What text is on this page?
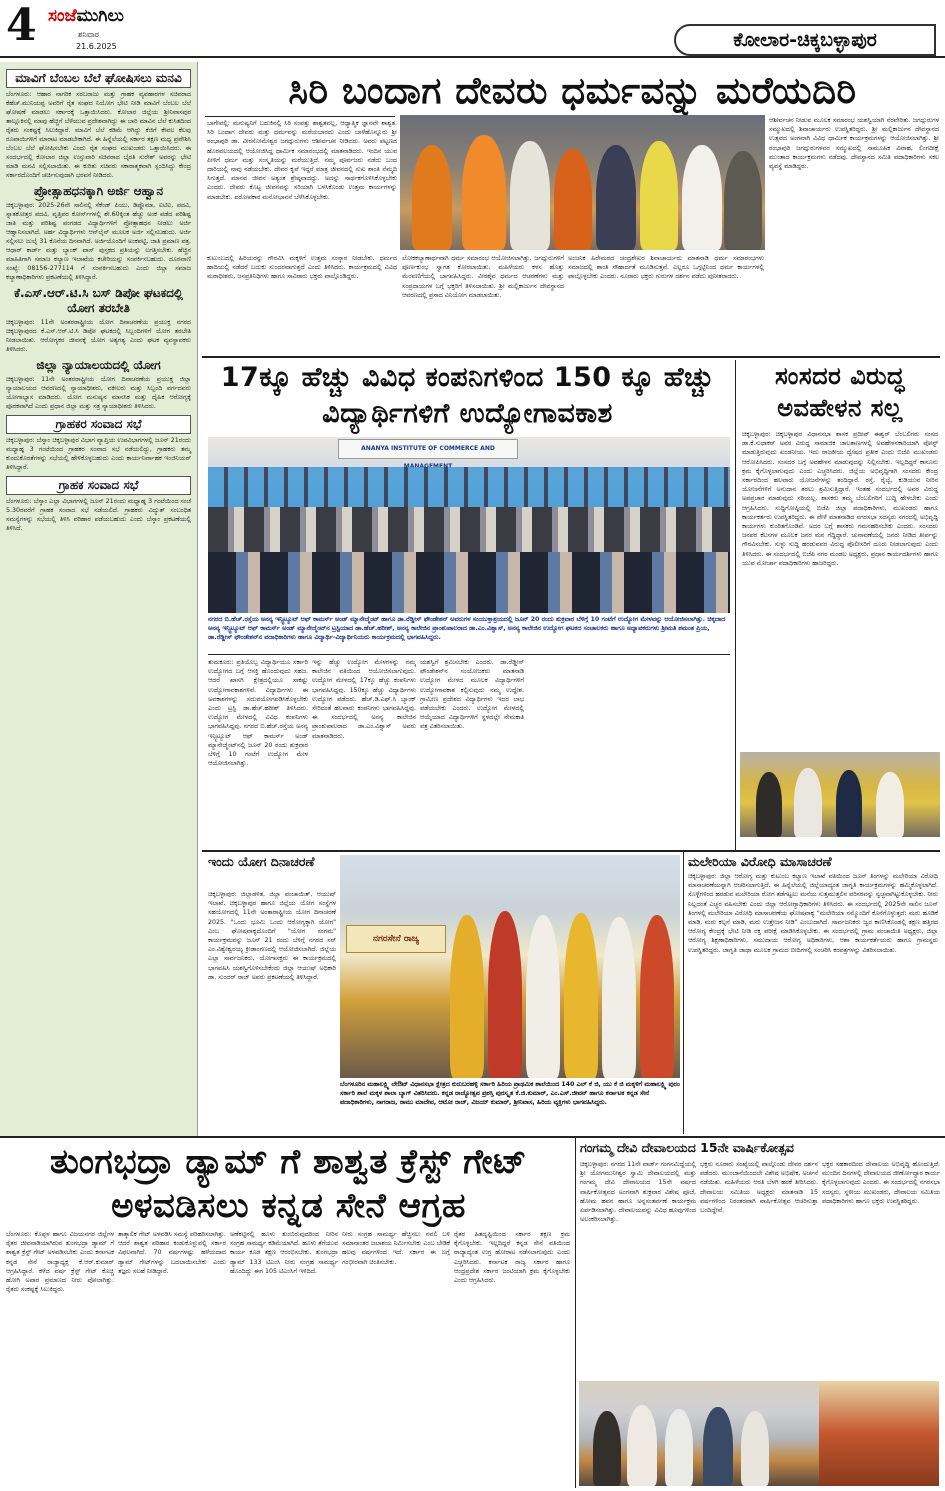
4 ಸಂಜೆಮುಗಿಲು
ಶನಿವಾರ
21.6.2025	ಕೋಲಾರ-ಚಿಕ್ಕಬಳ್ಳಾಪುರ
ಮಾವಿಗೆ ಬೆಂಬಲ ಬೆಲೆ ಘೋಷಿಸಲು ಮನವಿ
ಬೆಂಗಳೂರು: ಆಹಾರ ನಾಗರಿಕ ಸರಬರಾಜು ಮತ್ತು ಗ್ರಾಹಕ ವ್ಯವಹಾರಗಳ ಸಚಿವರಾದ ಕೆಹೆಚ್.ಮುನಿಯಪ್ಪ ಅವರಿಗೆ ರೈತ ಸಂಘದ ನಿಯೋಗ ಭೇಟಿ ನೀಡಿ ಮಾವಿಗೆ ಬೆಂಬಲ ಬೆಲೆ ಘೋಷಣೆ ಮಾಡಲು ಸರ್ಕಾರಕ್ಕೆ ಒತ್ತಾಯಿಸಿದರು. ಕೋಲಾರ ಜಿಲ್ಲೆಯ ಶ್ರೀನಿವಾಸಪುರ ತಾಲ್ಲೂಕಿನಲ್ಲಿ ಮಾವು ಹೆಚ್ಚಿಗೆ ಬೆಳೆಯುವ ಪ್ರದೇಶವಾಗಿದ್ದು ಈ ಬಾರಿ ಮಾವಿನ ಬೆಲೆ ಕುಸಿತದಿಂದ ರೈತರು ಸಂಕಷ್ಟಕ್ಕೆ ಸಿಲುಕಿದ್ದಾರೆ. ಮಾವಿಗೆ ಬೆಲೆ ಕಡಿಮೆ ಆಗಿದ್ದು ಕೆಜಿಗೆ ಕೇವಲ ಕೆಲವು ರೂಪಾಯಿಗಳಿಗೆ ಮಾರಾಟ ಮಾಡಬೇಕಾಗಿದೆ. ಈ ಹಿನ್ನೆಲೆಯಲ್ಲಿ ಸರ್ಕಾರ ತಕ್ಷಣ ಮಧ್ಯ ಪ್ರವೇಶಿಸಿ ಬೆಂಬಲ ಬೆಲೆ ಘೋಷಿಸಬೇಕು ಎಂದು ರೈತ ಸಂಘದ ಮುಖಂಡರು ಒತ್ತಾಯಿಸಿದರು. ಈ ಸಂದರ್ಭದಲ್ಲಿ ಕೋಲಾರ ಜಿಲ್ಲಾ ಉಸ್ತುವಾರಿ ಸಚಿವರಾದ ಬೈರತಿ ಸುರೇಶ್ ಅವರನ್ನು ಭೇಟಿ ಮಾಡಿ ಮನವಿ ಸಲ್ಲಿಸಲಾಯಿತು. ಈ ಕುರಿತು ಸಚಿವರು ಸಕಾರಾತ್ಮಕವಾಗಿ ಸ್ಪಂದಿಸಿದ್ದು ಕೇಂದ್ರ ಸರ್ಕಾರದೊಂದಿಗೆ ಚರ್ಚಿಸುವುದಾಗಿ ಭರವಸೆ ನೀಡಿದರು.
ಪ್ರೋತ್ಸಾಹಧನಕ್ಕಾಗಿ ಅರ್ಜಿ ಆಹ್ವಾನ
ಚಿಕ್ಕಬಳ್ಳಾಪುರ: 2025-26ನೇ ಸಾಲಿನಲ್ಲಿ ಸೆಕೆಂಡ್ ಪಿಯು, ಡಿಪ್ಲೊಮಾ, ಐಟಿಐ, ಪದವಿ, ಸ್ನಾತಕೋತ್ತರ ಪದವಿ, ವೃತ್ತಿಪರ ಕೋರ್ಸ್‌ಗಳಲ್ಲಿ ಶೇ.60ಕ್ಕಿಂತ ಹೆಚ್ಚು ಅಂಕ ಪಡೆದ ಪರಿಶಿಷ್ಟ ಜಾತಿ ಮತ್ತು ಪರಿಶಿಷ್ಟ ಪಂಗಡದ ವಿದ್ಯಾರ್ಥಿಗಳಿಗೆ ಪ್ರೋತ್ಸಾಹಧನ ನೀಡಲು ಅರ್ಜಿ ಆಹ್ವಾನಿಸಲಾಗಿದೆ. ಅರ್ಹ ವಿದ್ಯಾರ್ಥಿಗಳು ಆನ್‌ಲೈನ್ ಮೂಲಕ ಅರ್ಜಿ ಸಲ್ಲಿಸಬಹುದು. ಅರ್ಜಿ ಸಲ್ಲಿಸಲು ಜುಲೈ 31 ಕೊನೆಯ ದಿನವಾಗಿದೆ. ಅರ್ಜಿಯೊಂದಿಗೆ ಅಂಕಪಟ್ಟಿ, ಜಾತಿ ಪ್ರಮಾಣ ಪತ್ರ, ಆಧಾರ್ ಕಾರ್ಡ್ ಮತ್ತು ಬ್ಯಾಂಕ್ ಪಾಸ್ ಪುಸ್ತಕದ ಪ್ರತಿಯನ್ನು ಲಗತ್ತಿಸಬೇಕು. ಹೆಚ್ಚಿನ ಮಾಹಿತಿಗಾಗಿ ಸಮಾಜ ಕಲ್ಯಾಣ ಇಲಾಖೆಯ ಕಚೇರಿಯನ್ನು ಸಂಪರ್ಕಿಸಬಹುದು. ದೂರವಾಣಿ ಸಂಖ್ಯೆ: 08156-277114 ಗೆ ಸಂಪರ್ಕಿಸಬಹುದು ಎಂದು ಜಿಲ್ಲಾ ಸಮಾಜ ಕಲ್ಯಾಣಾಧಿಕಾರಿಗಳು ಪ್ರಕಟಣೆಯಲ್ಲಿ ತಿಳಿಸಿದ್ದಾರೆ.
ಕೆ.ಎಸ್.ಆರ್.ಟಿ.ಸಿ ಬಸ್ ಡಿಪೋ ಘಟಕದಲ್ಲಿ ಯೋಗ ತರಬೇತಿ
ಚಿಕ್ಕಬಳ್ಳಾಪುರ: 11ನೇ ಅಂತರರಾಷ್ಟ್ರೀಯ ಯೋಗ ದಿನಾಚರಣೆಯ ಪ್ರಯುಕ್ತ ನಗರದ ಚಿಕ್ಕಬಳ್ಳಾಪುರದ ಕೆ.ಎಸ್.ಆರ್.ಟಿ.ಸಿ ಡಿಪೋ ಘಟಕದಲ್ಲಿ ಸಿಬ್ಬಂದಿಗಳಿಗೆ ಯೋಗ ತರಬೇತಿ ನೀಡಲಾಯಿತು. ಆರೋಗ್ಯಕರ ಜೀವನಕ್ಕೆ ಯೋಗ ಅತ್ಯಗತ್ಯ ಎಂದು ಘಟಕ ವ್ಯವಸ್ಥಾಪಕರು ತಿಳಿಸಿದರು.
ಜಿಲ್ಲಾ ನ್ಯಾಯಾಲಯದಲ್ಲಿ ಯೋಗ
ಚಿಕ್ಕಬಳ್ಳಾಪುರ: 11ನೇ ಅಂತರರಾಷ್ಟ್ರೀಯ ಯೋಗ ದಿನಾಚರಣೆಯ ಪ್ರಯುಕ್ತ ಜಿಲ್ಲಾ ನ್ಯಾಯಾಲಯದ ಆವರಣದಲ್ಲಿ ನ್ಯಾಯಾಧೀಶರು, ವಕೀಲರು ಮತ್ತು ಸಿಬ್ಬಂದಿ ವರ್ಗದವರು ಯೋಗಾಭ್ಯಾಸ ಮಾಡಿದರು. ಯೋಗ ಮನುಷ್ಯನ ಮಾನಸಿಕ ಮತ್ತು ದೈಹಿಕ ಆರೋಗ್ಯಕ್ಕೆ ಪೂರಕವಾಗಿದೆ ಎಂದು ಪ್ರಧಾನ ಜಿಲ್ಲಾ ಮತ್ತು ಸತ್ರ ನ್ಯಾಯಾಧೀಶರು ತಿಳಿಸಿದರು.
ಗ್ರಾಹಕರ ಸಂವಾದ ಸಭೆ
ಚಿಕ್ಕಬಳ್ಳಾಪುರ: ಬೆಸ್ಕಾಂ ಚಿಕ್ಕಬಳ್ಳಾಪುರ ವಿಭಾಗ ವ್ಯಾಪ್ತಿಯ ಉಪವಿಭಾಗಗಳಲ್ಲಿ ಜೂನ್ 21ರಂದು ಮಧ್ಯಾಹ್ನ 3 ಗಂಟೆಯಿಂದ ಗ್ರಾಹಕರ ಸಂವಾದ ಸಭೆ ನಡೆಯಲಿದ್ದು, ಗ್ರಾಹಕರು ತಮ್ಮ ಕುಂದುಕೊರತೆಗಳನ್ನು ಸಭೆಯಲ್ಲಿ ಹೇಳಿಕೊಳ್ಳಬಹುದು ಎಂದು ಕಾರ್ಯನಿರ್ವಾಹಕ ಇಂಜಿನಿಯರ್ ತಿಳಿಸಿದ್ದಾರೆ.
ಗ್ರಾಹಕ ಸಂವಾದ ಸಭೆ
ಬೆಂಗಳೂರು: ಬೆಸ್ಕಾಂ ಎಲ್ಲಾ ವಿಭಾಗಗಳಲ್ಲಿ ಜೂನ್ 21ರಂದು ಮಧ್ಯಾಹ್ನ 3 ಗಂಟೆಯಿಂದ ಸಂಜೆ 5.30ರವರೆಗೆ ಗ್ರಾಹಕ ಸಂವಾದ ಸಭೆ ನಡೆಯಲಿದೆ. ಗ್ರಾಹಕರು ವಿದ್ಯುತ್ ಸಂಬಂಧಿತ ಸಮಸ್ಯೆಗಳನ್ನು ಸಭೆಯಲ್ಲಿ ತಿಳಿಸಿ ಪರಿಹಾರ ಪಡೆಯಬಹುದು ಎಂದು ಬೆಸ್ಕಾಂ ಪ್ರಕಟಣೆಯಲ್ಲಿ ತಿಳಿಸಿದೆ.
ಸಿರಿ ಬಂದಾಗ ದೇವರು ಧರ್ಮವನ್ನು ಮರೆಯದಿರಿ
ಬಾಗೇಪಲ್ಲಿ: ಮನುಷ್ಯನಿಗೆ ಬದುಕಿನಲ್ಲಿ ಸಿರಿ ಸಂಪತ್ತು ಶಾಶ್ವತವಲ್ಲ, ಆಧ್ಯಾತ್ಮಿಕ ಜ್ಞಾನವೇ ಶಾಶ್ವತ. ಸಿರಿ ಬಂದಾಗ ದೇವರು ಮತ್ತು ಧರ್ಮವನ್ನು ಮರೆಯಬಾರದು ಎಂದು ಬಾಳೆಹೊನ್ನೂರು ಶ್ರೀ ರಂಭಾಪುರಿ ಡಾ. ವೀರಸೋಮೇಶ್ವರ ಜಗದ್ಗುರುಗಳು ಆಶೀರ್ವಚನ ನೀಡಿದರು. ಅವರು ಪಟ್ಟಣದ ಹೊರವಲಯದಲ್ಲಿ ಆಯೋಜಿಸಿದ್ದ ಧಾರ್ಮಿಕ ಸಮಾರಂಭದಲ್ಲಿ ಮಾತನಾಡಿದರು. ಇಂದಿನ ಯುವ ಪೀಳಿಗೆ ಧರ್ಮ ಮತ್ತು ಸಂಸ್ಕೃತಿಯನ್ನು ಮರೆಯುತ್ತಿದೆ. ನಮ್ಮ ಪೂರ್ವಜರು ನಡೆದು ಬಂದ ದಾರಿಯಲ್ಲಿ ನಾವು ನಡೆಯಬೇಕು. ದೇವರ ಕೃಪೆ ಇದ್ದರೆ ಮಾತ್ರ ಜೀವನದಲ್ಲಿ ಸುಖ ಶಾಂತಿ ನೆಮ್ಮದಿ ಸಿಗುತ್ತದೆ. ಮಾನವ ಜೀವನ ಅತ್ಯಂತ ಶ್ರೇಷ್ಠವಾದದ್ದು. ಅದನ್ನು ಸಾರ್ಥಕಗೊಳಿಸಿಕೊಳ್ಳಬೇಕು ಎಂದರು. ದೇವರು ಕೊಟ್ಟ ಜೀವನವನ್ನು ಸರಿಯಾಗಿ ಬಳಸಿಕೊಂಡು ಉತ್ತಮ ಕಾರ್ಯಗಳನ್ನು ಮಾಡಬೇಕು. ಪರೋಪಕಾರ ಮನೋಭಾವನೆ ಬೆಳೆಸಿಕೊಳ್ಳಬೇಕು.
ಆಶೀರ್ವಚನ ನೀಡುವ ಮೂಲಕ ಸಮಾರಂಭ ಯಶಸ್ವಿಯಾಗಿ ನೆರವೇರಿತು. ಜಗದ್ಗುರುಗಳ ಸಮ್ಮುಖದಲ್ಲಿ ಶಿವಾಚಾರ್ಯರು ಉಪಸ್ಥಿತರಿದ್ದರು. ಶ್ರೀ ಮಲ್ಲಿಕಾರ್ಜುನ ದೇವಸ್ಥಾನದ ಉತ್ಸವದ ಅಂಗವಾಗಿ ವಿವಿಧ ಧಾರ್ಮಿಕ ಕಾರ್ಯಕ್ರಮಗಳನ್ನು ಆಯೋಜಿಸಲಾಗಿತ್ತು. ಶ್ರೀ ರಂಭಾಪುರಿ ಜಗದ್ಗುರುಗಳವರ ಸಮ್ಮುಖದಲ್ಲಿ ಸಾಮೂಹಿಕ ವಿವಾಹ, ಲಿಂಗದೀಕ್ಷೆ ಮುಂತಾದ ಕಾರ್ಯಕ್ರಮಗಳು ನಡೆದವು. ದೇವಸ್ಥಾನದ ಸಮಿತಿ ಪದಾಧಿಕಾರಿಗಳು ಸಕಲ ವ್ಯವಸ್ಥೆ ಮಾಡಿದ್ದರು.
ಕುಟುಂಬದಲ್ಲಿ ಹಿರಿಯರನ್ನು ಗೌರವಿಸಿ ಮಕ್ಕಳಿಗೆ ಉತ್ತಮ ಸಂಸ್ಕಾರ ನೀಡಬೇಕು. ಧರ್ಮದ ಹಾದಿಯಲ್ಲಿ ನಡೆದರೆ ಬದುಕು ಸುಂದರವಾಗುತ್ತದೆ ಎಂದು ತಿಳಿಸಿದರು. ಕಾರ್ಯಕ್ರಮದಲ್ಲಿ ವಿವಿಧ ಮಠಾಧೀಶರು, ಜನಪ್ರತಿನಿಧಿಗಳು ಹಾಗೂ ಸಾವಿರಾರು ಭಕ್ತರು ಪಾಲ್ಗೊಂಡಿದ್ದರು.
ಲೋಕಕಲ್ಯಾಣಾರ್ಥವಾಗಿ ಧರ್ಮ ಸಮಾರಂಭ ಆಯೋಜಿಸಲಾಗಿತ್ತು. ಜಗದ್ಗುರುಗಳಿಗೆ ಪೂರ್ಣಕುಂಭ ಸ್ವಾಗತ ಕೋರಲಾಯಿತು. ಮಹಿಳೆಯರು ಕಳಸ ಹೊತ್ತು ಮೆರವಣಿಗೆಯಲ್ಲಿ ಭಾಗವಹಿಸಿದ್ದರು. ವೀರಶೈವ ಧರ್ಮದ ಆಚರಣೆಗಳು ಮತ್ತು ಸಂಪ್ರದಾಯಗಳ ಬಗ್ಗೆ ಭಕ್ತರಿಗೆ ತಿಳಿಸಲಾಯಿತು. ಶ್ರೀ ಮಲ್ಲಿಕಾರ್ಜುನ ದೇವಸ್ಥಾನದ ಆವರಣದಲ್ಲಿ ಪ್ರಸಾದ ವಿನಿಯೋಗ ಮಾಡಲಾಯಿತು.
ಅಂಜನಿಕ ಹಿರೇಮಠದ ಚಂದ್ರಶೇಖರ ಶಿವಾಚಾರ್ಯರು ಮಾತನಾಡಿ ಧರ್ಮ ಸಮಾರಂಭಗಳು ಸಮಾಜದಲ್ಲಿ ಶಾಂತಿ ಸೌಹಾರ್ದತೆ ಮೂಡಿಸುತ್ತವೆ. ಎಲ್ಲರೂ ಒಗ್ಗಟ್ಟಿನಿಂದ ಧರ್ಮ ಕಾರ್ಯಗಳಲ್ಲಿ ಪಾಲ್ಗೊಳ್ಳಬೇಕು ಎಂದರು. ನೂರಾರು ಭಕ್ತರು ಗುರುಗಳ ದರ್ಶನ ಪಡೆದು ಪುನೀತರಾದರು.
17ಕ್ಕೂ ಹೆಚ್ಚು ವಿವಿಧ ಕಂಪನಿಗಳಿಂದ 150 ಕ್ಕೂ ಹೆಚ್ಚು ವಿದ್ಯಾರ್ಥಿಗಳಿಗೆ ಉದ್ಯೋಗಾವಕಾಶ
ANANYA INSTITUTE OF COMMERCE AND
ನಗರದ ಬಿ.ಹೆಚ್.ರಸ್ತೆಯ ಅನನ್ಯ ಇನ್ಸ್ಟಿಟ್ಯೂಟ್ ಆಫ್ ಕಾಮರ್ಸ್ ಅಂಡ್ ಮ್ಯಾನೇಜ್ಮೆಂಟ್ ಹಾಗೂ ಡಾ.ರೆಡ್ಡೀಸ್ ಫೌಂಡೇಶನ್ ಅವರುಗಳ ಸಂಯುಕ್ತಾಶ್ರಯದಲ್ಲಿ ಜೂನ್ 20 ರಂದು ಶುಕ್ರವಾರ ಬೆಳಿಗ್ಗೆ 10 ಗಂಟೆಗೆ ಉದ್ಯೋಗ ಮೇಳವನ್ನು ಆಯೋಜಿಸಲಾಗಿತ್ತು. ಚಿಕ್ಕದಾದ ಅನನ್ಯ ಇನ್ಸ್ಟಿಟ್ಯೂಟ್ ಆಫ್ ಕಾಮರ್ಸ್ ಅಂಡ್ ಮ್ಯಾನೇಜ್ಮೆಂಟ್‌ನ ಟ್ರಸ್ಟಿಯಾದ ಡಾ.ಹೆಚ್.ಹರೀಶ್, ಅನನ್ಯ ಕಾಲೇಜಿನ ಪ್ರಾಂಶುಪಾಲರಾದ ಡಾ.ಎಂ.ವಿಶ್ವಾಸ್, ಅನನ್ಯ ಕಾಲೇಜಿನ ಉದ್ಯೋಗ ಘಟಕದ ಸಂಚಾಲಕರು ಹಾಗೂ ಅಧ್ಯಾಪಕರುಗಳು ಶ್ರೀಮತಿ ಶಮಂತ ಪ್ರಿಯ, ಡಾ.ರೆಡ್ಡೀಸ್ ಫೌಂಡೇಶನ್‌ನ ಪದಾಧಿಕಾರಿಗಳು ಹಾಗೂ ವಿದ್ಯಾರ್ಥಿ-ವಿದ್ಯಾರ್ಥಿನಿಯರು ಕಾರ್ಯಕ್ರಮದಲ್ಲಿ ಭಾಗವಹಿಸಿದ್ದರು.
ತುಮಕೂರು: ಪ್ರತಿಯೊಬ್ಬ ವಿದ್ಯಾರ್ಥಿಯೂ ಸರ್ಕಾರಿ ಉದ್ಯೋಗದ ಬಗ್ಗೆ ಆಸಕ್ತಿ ಹೊಂದುವುದು ಸಹಜ. ಆದರೆ ಖಾಸಗಿ ಕ್ಷೇತ್ರದಲ್ಲಿಯೂ ಸಾಕಷ್ಟು ಉದ್ಯೋಗಾವಕಾಶಗಳಿವೆ. ವಿದ್ಯಾರ್ಥಿಗಳು ಈ ಅವಕಾಶಗಳನ್ನು ಸದುಪಯೋಗಪಡಿಸಿಕೊಳ್ಳಬೇಕು ಎಂದು ಟ್ರಸ್ಟಿ ಡಾ.ಹೆಚ್.ಹರೀಶ್ ತಿಳಿಸಿದರು. ಉದ್ಯೋಗ ಮೇಳದಲ್ಲಿ ವಿವಿಧ ಕಂಪನಿಗಳು ಭಾಗವಹಿಸಿದ್ದವು. ನಗರದ ಬಿ.ಹೆಚ್.ರಸ್ತೆಯ ಅನನ್ಯ ಇನ್ಸ್ಟಿಟ್ಯೂಟ್ ಆಫ್ ಕಾಮರ್ಸ್ ಅಂಡ್ ಮ್ಯಾನೇಜ್ಮೆಂಟ್‌ನಲ್ಲಿ ಜೂನ್ 20 ರಂದು ಶುಕ್ರವಾರ ಬೆಳಿಗ್ಗೆ 10 ಗಂಟೆಗೆ ಉದ್ಯೋಗ ಮೇಳ ಆಯೋಜಿಸಲಾಗಿತ್ತು.
ಇನ್ನು ಹೆಚ್ಚು ಉದ್ಯೋಗ ಮೇಳಗಳನ್ನು ನಮ್ಮ ಕಾಲೇಜಿನ ವತಿಯಿಂದ ಆಯೋಜಿಸಲಾಗುವುದು. ಉದ್ಯೋಗ ಮೇಳದಲ್ಲಿ 17ಕ್ಕೂ ಹೆಚ್ಚು ಕಂಪನಿಗಳು ಭಾಗವಹಿಸಿದ್ದವು. 150ಕ್ಕೂ ಹೆಚ್ಚು ವಿದ್ಯಾರ್ಥಿಗಳು ಉದ್ಯೋಗ ಪಡೆದರು. ಹೆಚ್.ಡಿ.ಎಫ್.ಸಿ ಬ್ಯಾಂಕ್ ಸೇರಿದಂತೆ ಹಲವಾರು ಕಂಪನಿಗಳು ಭಾಗವಹಿಸಿದ್ದವು. ಈ ಸಂದರ್ಭದಲ್ಲಿ ಅನನ್ಯ ಕಾಲೇಜಿನ ಪ್ರಾಂಶುಪಾಲರಾದ ಡಾ.ಎಂ.ವಿಶ್ವಾಸ್ ಅವರು ಮಾತನಾಡಿದರು.
ಯಶಸ್ವಿಗೆ ಶ್ರಮಿಸಬೇಕು ಎಂದರು. ಡಾ.ರೆಡ್ಡೀಸ್ ಫೌಂಡೇಶನ್‌ನ ಸಂಯೋಜಕರು ಮಾತನಾಡಿ ಉದ್ಯೋಗ ಮೇಳದ ಮೂಲಕ ವಿದ್ಯಾರ್ಥಿಗಳಿಗೆ ಉದ್ಯೋಗಾವಕಾಶ ಕಲ್ಪಿಸುವುದು ನಮ್ಮ ಉದ್ದೇಶ. ಗ್ರಾಮೀಣ ಪ್ರದೇಶದ ವಿದ್ಯಾರ್ಥಿಗಳು ಇದರ ಲಾಭ ಪಡೆಯಬೇಕು ಎಂದರು. ಉದ್ಯೋಗ ಮೇಳದಲ್ಲಿ ಆಯ್ಕೆಯಾದ ವಿದ್ಯಾರ್ಥಿಗಳಿಗೆ ಸ್ಥಳದಲ್ಲೇ ನೇಮಕಾತಿ ಪತ್ರ ವಿತರಿಸಲಾಯಿತು.
ಸಂಸದರ ವಿರುದ್ಧ ಅವಹೇಳನ ಸಲ್ಲ
ಚಿಕ್ಕಬಳ್ಳಾಪುರ: ಚಿಕ್ಕಬಳ್ಳಾಪುರ ವಿಧಾನಸಭಾ ಶಾಸಕ ಪ್ರದೀಪ್ ಈಶ್ವರ್ ಬೆಂಬಲಿಗರು ಸಂಸದ ಡಾ.ಕೆ.ಸುಧಾಕರ್ ಅವರ ವಿರುದ್ಧ ಸಾಮಾಜಿಕ ಜಾಲತಾಣಗಳಲ್ಲಿ ಅವಹೇಳನಕಾರಿಯಾಗಿ ಪೋಸ್ಟ್ ಮಾಡುತ್ತಿರುವುದು ಖಂಡನೀಯ. ಇದು ರಾಜಕೀಯ ದ್ವೇಷದ ಪ್ರತೀಕ ಎಂದು ಬಿಜೆಪಿ ಮುಖಂಡರು ಆರೋಪಿಸಿದರು. ಸಂಸದರ ಬಗ್ಗೆ ಅವಹೇಳನ ಮಾಡುವುದನ್ನು ನಿಲ್ಲಿಸಬೇಕು. ಇಲ್ಲದಿದ್ದರೆ ಕಾನೂನು ಕ್ರಮ ಕೈಗೊಳ್ಳಲಾಗುವುದು ಎಂದು ಎಚ್ಚರಿಸಿದರು. ಜಿಲ್ಲೆಯ ಅಭಿವೃದ್ಧಿಗಾಗಿ ಸಂಸದರು ಕೇಂದ್ರ ಸರ್ಕಾರದಿಂದ ಹಲವಾರು ಯೋಜನೆಗಳನ್ನು ತಂದಿದ್ದಾರೆ. ರಸ್ತೆ, ರೈಲ್ವೆ, ಕುಡಿಯುವ ನೀರಿನ ಯೋಜನೆಗಳಿಗೆ ಅನುದಾನ ತರಲು ಶ್ರಮಿಸುತ್ತಿದ್ದಾರೆ. ಇಂತಹ ಸಂದರ್ಭದಲ್ಲಿ ಅವರ ವಿರುದ್ಧ ಅಪಪ್ರಚಾರ ಮಾಡುವುದು ಸರಿಯಲ್ಲ. ಶಾಸಕರು ತಮ್ಮ ಬೆಂಬಲಿಗರಿಗೆ ಬುದ್ಧಿ ಹೇಳಬೇಕು ಎಂದು ಆಗ್ರಹಿಸಿದರು. ಸುದ್ದಿಗೋಷ್ಠಿಯಲ್ಲಿ ಬಿಜೆಪಿ ಜಿಲ್ಲಾ ಪದಾಧಿಕಾರಿಗಳು, ಮುಖಂಡರು ಹಾಗೂ ಕಾರ್ಯಕರ್ತರು ಉಪಸ್ಥಿತರಿದ್ದರು. ಈ ವೇಳೆ ಮಾತನಾಡಿದ ನಗರಸಭಾ ಸದಸ್ಯರು ನಗರದಲ್ಲಿ ಅಭಿವೃದ್ಧಿ ಕಾರ್ಯಗಳು ಕುಂಠಿತಗೊಂಡಿವೆ. ಅದರ ಬಗ್ಗೆ ಶಾಸಕರು ಗಮನಹರಿಸಬೇಕು ಎಂದರು. ಸಂಸದರು ಜನಪರ ಕೆಲಸಗಳ ಮೂಲಕ ಜನರ ಮನ ಗೆದ್ದಿದ್ದಾರೆ. ಚುನಾವಣೆಯಲ್ಲಿ ಜನರು ನೀಡಿದ ತೀರ್ಪನ್ನು ಗೌರವಿಸಬೇಕು. ಸುಳ್ಳು ಸುದ್ದಿ ಹರಡುವವರ ವಿರುದ್ಧ ಪೊಲೀಸರಿಗೆ ದೂರು ನೀಡಲಾಗುವುದು ಎಂದು ತಿಳಿಸಿದರು. ಈ ಸಂದರ್ಭದಲ್ಲಿ ಬಿಜೆಪಿ ನಗರ ಮಂಡಲ ಅಧ್ಯಕ್ಷರು, ಪ್ರಧಾನ ಕಾರ್ಯದರ್ಶಿಗಳು ಹಾಗೂ ಯುವ ಮೋರ್ಚಾ ಪದಾಧಿಕಾರಿಗಳು ಹಾಜರಿದ್ದರು.
ಇಂದು ಯೋಗ ದಿನಾಚರಣೆ
ಚಿಕ್ಕಬಳ್ಳಾಪುರ: ಜಿಲ್ಲಾಡಳಿತ, ಜಿಲ್ಲಾ ಪಂಚಾಯಿತ್, ಆಯುಷ್ ಇಲಾಖೆ, ಚಿಕ್ಕಬಳ್ಳಾಪುರ ಹಾಗೂ ಜಿಲ್ಲೆಯ ಯೋಗ ಸಂಸ್ಥೆಗಳ ಸಹಯೋಗದಲ್ಲಿ 11ನೇ ಅಂತಾರಾಷ್ಟ್ರೀಯ ಯೋಗ ದಿನಾಚರಣೆ 2025. "ಒಂದು ಭೂಮಿ ಒಂದು ಆರೋಗ್ಯಕ್ಕಾಗಿ ಯೋಗ" ಎಂಬ ಘೋಷವಾಕ್ಯದೊಂದಿಗೆ "ಯೋಗ ಸಂಗಮ" ಕಾರ್ಯಕ್ರಮವನ್ನು ಜೂನ್ 21 ರಂದು ಬೆಳಿಗ್ಗೆ ನಗರದ ಸರ್ ಎಂ.ವಿಶ್ವೇಶ್ವರಯ್ಯ ಕ್ರೀಡಾಂಗಣದಲ್ಲಿ ಆಯೋಜಿಸಲಾಗಿದೆ. ಜಿಲ್ಲೆಯ ಎಲ್ಲಾ ಸಾರ್ವಜನಿಕರು, ಯೋಗಾಸಕ್ತರು ಈ ಕಾರ್ಯಕ್ರಮದಲ್ಲಿ ಭಾಗವಹಿಸಿ ಯಶಸ್ವಿಗೊಳಿಸಬೇಕೆಂದು ಜಿಲ್ಲಾ ಆಯುಷ್ ಅಧಿಕಾರಿ ಡಾ. ಸುಂದರ್ ರಾಜ್ ಅವರು ಪ್ರಕಟಣೆಯಲ್ಲಿ ತಿಳಿಸಿದ್ದಾರೆ.
ನಗರಸೇನೆ ರಾಜ್ಯ
ಬೆಂಗಳೂರಿನ ಮಹಾಲಕ್ಷ್ಮಿ ಲೇಔಟ್ ವಿಧಾನಸಭಾ ಕ್ಷೇತ್ರದ ಕುರುಬರಹಳ್ಳಿ ಸರ್ಕಾರಿ ಹಿರಿಯ ಪ್ರಾಥಮಿಕ ಶಾಲೆಯಿಂದ 140 ಎಲ್ ಕೆ ಜಿ, ಯು ಕೆ ಜಿ ಮಕ್ಕಳಿಗೆ ಮಹಾಲಕ್ಷ್ಮಿ ಪುರಂ ಸರ್ಕಾರಿ ಶಾಲೆ ಮಕ್ಕಳ ಶಾಲಾ ಬ್ಯಾಗ್ ವಿತರಿಸಿದರು. ಕನ್ನಡ ರಾಜ್ಯೋತ್ಸವ ಪ್ರಶಸ್ತಿ ಪುರಸ್ಕೃತ ಕೆ.ಜಿ.ಕುಮಾರ್, ಎಂ.ಎಸ್.ಜೀವನ್ ಹಾಗೂ ಕರ್ನಾಟಕ ಕನ್ನಡ ಸೇನೆ ಪದಾಧಿಕಾರಿಗಳು, ನಾಗರಾಜ, ರಾಮು ಮಾದೇವ, ಆಟೋ ರಾಜ್, ವಿಜಯ್ ಕುಮಾರ್, ಶ್ರೀನಿವಾಸ, ಹಿರಿಯ ವ್ಯಕ್ತಿಗಳು ಭಾಗವಹಿಸಿದ್ದರು.
ಮಲೇರಿಯಾ ವಿರೋಧಿ ಮಾಸಾಚರಣೆ
ಚಿಕ್ಕಬಳ್ಳಾಪುರ: ಜಿಲ್ಲಾ ಆರೋಗ್ಯ ಮತ್ತು ಕುಟುಂಬ ಕಲ್ಯಾಣ ಇಲಾಖೆ ವತಿಯಿಂದ ಜೂನ್ ತಿಂಗಳನ್ನು ಮಲೇರಿಯಾ ವಿರೋಧಿ ಮಾಸಾಚರಣೆಯನ್ನಾಗಿ ಆಚರಿಸಲಾಗುತ್ತಿದೆ. ಈ ಹಿನ್ನೆಲೆಯಲ್ಲಿ ಜಿಲ್ಲೆಯಾದ್ಯಂತ ಜಾಗೃತಿ ಕಾರ್ಯಕ್ರಮಗಳನ್ನು ಹಮ್ಮಿಕೊಳ್ಳಲಾಗಿದೆ. ಸೊಳ್ಳೆಗಳಿಂದ ಹರಡುವ ಮಲೇರಿಯಾ ರೋಗ ತಡೆಗಟ್ಟಲು ಮನೆಯ ಸುತ್ತಮುತ್ತಲಿನ ಪರಿಸರವನ್ನು ಸ್ವಚ್ಛವಾಗಿಟ್ಟುಕೊಳ್ಳಬೇಕು. ನೀರು ನಿಲ್ಲದಂತೆ ಎಚ್ಚರ ವಹಿಸಬೇಕು ಎಂದು ಜಿಲ್ಲಾ ಆರೋಗ್ಯಾಧಿಕಾರಿಗಳು ತಿಳಿಸಿದರು. ಈ ಸಂದರ್ಭದಲ್ಲಿ 2025ನೇ ಸಾಲಿನ ಜೂನ್ ತಿಂಗಳಲ್ಲಿ ಮಲೇರಿಯಾ ವಿರೋಧಿ ಮಾಸಾಚರಣೆಯ ಘೋಷವಾಕ್ಯ "ಮಲೇರಿಯಾ ನಮ್ಮೊಂದಿಗೆ ಕೊನೆಗೊಳ್ಳುತ್ತದೆ: ಮರು ಹೂಡಿಕೆ ಮಾಡಿ, ಮರು ಕಲ್ಪನೆ ಮಾಡಿ, ಮರು ಉತ್ತೇಜನ ನೀಡಿ" ಎಂಬುದಾಗಿದೆ. ಸಾರ್ವಜನಿಕರು ಜ್ವರ ಕಾಣಿಸಿಕೊಂಡಲ್ಲಿ ತಕ್ಷಣ ಹತ್ತಿರದ ಆರೋಗ್ಯ ಕೇಂದ್ರಕ್ಕೆ ಭೇಟಿ ನೀಡಿ ರಕ್ತ ಪರೀಕ್ಷೆ ಮಾಡಿಸಿಕೊಳ್ಳಬೇಕು. ಈ ಸಂದರ್ಭದಲ್ಲಿ ಗ್ರಾಮ ಪಂಚಾಯಿತಿ ಅಧ್ಯಕ್ಷರು, ಜಿಲ್ಲಾ ಆರೋಗ್ಯ ಶಿಕ್ಷಣಾಧಿಕಾರಿಗಳು, ಸಮುದಾಯ ಆರೋಗ್ಯ ಅಧಿಕಾರಿಗಳು, ಆಶಾ ಕಾರ್ಯಕರ್ತೆಯರು ಹಾಗೂ ಗ್ರಾಮಸ್ಥರು ಉಪಸ್ಥಿತರಿದ್ದರು. ಜಾಗೃತಿ ಜಾಥಾ ಮೂಲಕ ಗ್ರಾಮದ ಬೀದಿಗಳಲ್ಲಿ ಸಂಚರಿಸಿ ಕರಪತ್ರಗಳನ್ನು ವಿತರಿಸಲಾಯಿತು.
ತುಂಗಭದ್ರಾ ಡ್ಯಾಮ್ ಗೆ ಶಾಶ್ವತ ಕ್ರೆಸ್ಟ್ ಗೇಟ್ ಅಳವಡಿಸಲು ಕನ್ನಡ ಸೇನೆ ಆಗ್ರಹ
ಬೆಂಗಳೂರು: ಕೊಪ್ಪಳ ಹಾಗೂ ವಿಜಯನಗರ ಜಿಲ್ಲೆಗಳ ರೈತರ ಜೀವನಾಡಿಯಾಗಿರುವ ತುಂಗಭದ್ರಾ ಡ್ಯಾಮ್ ಗೆ ಶಾಶ್ವತ ಕ್ರೆಸ್ಟ್ ಗೇಟ್ ಅಳವಡಿಸಬೇಕು ಎಂದು ಕರ್ನಾಟಕ ಕನ್ನಡ ಸೇನೆ ರಾಜ್ಯಾಧ್ಯಕ್ಷ ಕೆ.ಆರ್.ಕುಮಾರ್ ಆಗ್ರಹಿಸಿದ್ದಾರೆ. ಕಳೆದ ವರ್ಷ ಕ್ರೆಸ್ಟ್ ಗೇಟ್ ಕೊಚ್ಚಿ ಹೋಗಿ ಅಪಾರ ಪ್ರಮಾಣದ ನೀರು ಪೋಲಾಗಿತ್ತು. ರೈತರು ಸಂಕಷ್ಟಕ್ಕೆ ಸಿಲುಕಿದ್ದರು.
ತಾತ್ಕಾಲಿಕ ಗೇಟ್ ಅಳವಡಿಸಿ ಸಮಸ್ಯೆ ಪರಿಹರಿಸಲಾಗಿತ್ತು. ಆದರೆ ಶಾಶ್ವತ ಪರಿಹಾರ ಕಂಡುಕೊಳ್ಳುವಲ್ಲಿ ಸರ್ಕಾರ ವಿಫಲವಾಗಿದೆ. 70 ವರ್ಷಗಳಷ್ಟು ಹಳೆಯದಾದ ಡ್ಯಾಮ್ ಗೇಟ್‌ಗಳನ್ನು ಬದಲಾಯಿಸಬೇಕು ಎಂದು ತಜ್ಞರು ಸಲಹೆ ನೀಡಿದ್ದಾರೆ.
ಅಣೆಕಟ್ಟಿನಲ್ಲಿ ಹೂಳು ತುಂಬಿರುವುದರಿಂದ ನೀರಿನ ಸಂಗ್ರಹ ಸಾಮರ್ಥ್ಯ ಕಡಿಮೆಯಾಗಿದೆ. ಹೂಳು ತೆಗೆಯುವ ಕಾರ್ಯ ಕೂಡ ತಕ್ಷಣ ಆರಂಭಿಸಬೇಕು. ತುಂಗಭದ್ರಾ ಡ್ಯಾಮ್ 133 ಟಿಎಂಸಿ ನೀರು ಸಂಗ್ರಹ ಸಾಮರ್ಥ್ಯ ಹೊಂದಿದ್ದು ಈಗ 105 ಟಿಎಂಸಿಗೆ ಇಳಿದಿದೆ.
ನೀರು ಸಂಗ್ರಹ ಸಾಮರ್ಥ್ಯ ಹೆಚ್ಚಿಸಲು ನವಲಿ ಬಳಿ ಸಮಾನಾಂತರ ಜಲಾಶಯ ನಿರ್ಮಿಸಬೇಕು ಎಂಬ ಬೇಡಿಕೆ ಹಲವು ವರ್ಷಗಳಿಂದ ಇದೆ. ಸರ್ಕಾರ ಈ ಬಗ್ಗೆ ಗಂಭೀರವಾಗಿ ಚಿಂತಿಸಬೇಕು.
ರೈತರ ಹಿತದೃಷ್ಟಿಯಿಂದ ಸರ್ಕಾರ ತಕ್ಷಣ ಕ್ರಮ ಕೈಗೊಳ್ಳಬೇಕು. ಇಲ್ಲದಿದ್ದರೆ ಕನ್ನಡ ಸೇನೆ ವತಿಯಿಂದ ರಾಜ್ಯಾದ್ಯಂತ ಉಗ್ರ ಹೋರಾಟ ನಡೆಸಲಾಗುವುದು ಎಂದು ಎಚ್ಚರಿಸಿದರು. ಕರ್ನಾಟಕ ರಾಜ್ಯ ಸರ್ಕಾರ ಹಾಗೂ ಆಂಧ್ರಪ್ರದೇಶ ಸರ್ಕಾರ ಜಂಟಿಯಾಗಿ ಕ್ರಮ ಕೈಗೊಳ್ಳಬೇಕು ಎಂದು ಆಗ್ರಹಿಸಿದರು.
ಗಂಗಮ್ಮ ದೇವಿ ದೇವಾಲಯದ 15ನೇ ವಾರ್ಷಿಕೋತ್ಸವ
ಚಿಕ್ಕಬಳ್ಳಾಪುರ: ನಗರದ 11ನೇ ವಾರ್ಡ್ ಗಂಗನಮಿದ್ದೆಯಲ್ಲಿ ಶ್ರೀ ಯೋಗಮುನೀಶ್ವರ ಸ್ವಾಮಿ ದೇವಾಲಯದಲ್ಲಿ ಮತ್ತು ಗಂಗಮ್ಮ ದೇವಿ ದೇವಾಲಯದ 15ನೇ ವರ್ಷದ ವಾರ್ಷಿಕೋತ್ಸವದ ಅಂಗವಾಗಿ ಶುಕ್ರವಾರ ವಿಶೇಷ ಪೂಜೆ, ಹೋಮ ಹವನ ಹಾಗೂ ಅನ್ನಸಂತರ್ಪಣೆ ಕಾರ್ಯಕ್ರಮ ಏರ್ಪಡಿಸಲಾಗಿತ್ತು. ದೇವಾಲಯವನ್ನು ವಿವಿಧ ಹೂವುಗಳಿಂದ ಅಲಂಕರಿಸಲಾಗಿತ್ತು.
ಭಕ್ತರು ನೂರಾರು ಸಂಖ್ಯೆಯಲ್ಲಿ ಪಾಲ್ಗೊಂಡು ದೇವರ ದರ್ಶನ ಪಡೆದರು. ಮುಂಜಾನೆಯಿಂದಲೇ ವಿಶೇಷ ಅಭಿಷೇಕ, ಅರ್ಚನೆ ನಡೆಯಿತು. ಮಹಿಳೆಯರು ಆರತಿ ಬೆಳಗಿ ಹರಕೆ ತೀರಿಸಿದರು. ದೇವಾಲಯ ಸಮಿತಿಯ ಅಧ್ಯಕ್ಷರು ಮಾತನಾಡಿ 15 ವರ್ಷಗಳಿಂದ ನಿರಂತರವಾಗಿ ವಾರ್ಷಿಕೋತ್ಸವ ಆಚರಿಸುತ್ತಾ ಬಂದಿದ್ದೇವೆ.
ಭಕ್ತರ ಸಹಕಾರದಿಂದ ದೇವಾಲಯ ಅಭಿವೃದ್ಧಿ ಹೊಂದುತ್ತಿದೆ. ಮುಂದಿನ ದಿನಗಳಲ್ಲಿ ದೇವಾಲಯದ ಜೀರ್ಣೋದ್ಧಾರ ಕಾರ್ಯ ಕೈಗೊಳ್ಳಲಾಗುವುದು ಎಂದರು. ಈ ಸಂದರ್ಭದಲ್ಲಿ ನಗರಸಭಾ ಸದಸ್ಯರು, ಸ್ಥಳೀಯ ಮುಖಂಡರು, ದೇವಾಲಯ ಸಮಿತಿಯ ಪದಾಧಿಕಾರಿಗಳು ಹಾಗೂ ಭಕ್ತರು ಉಪಸ್ಥಿತರಿದ್ದರು.
